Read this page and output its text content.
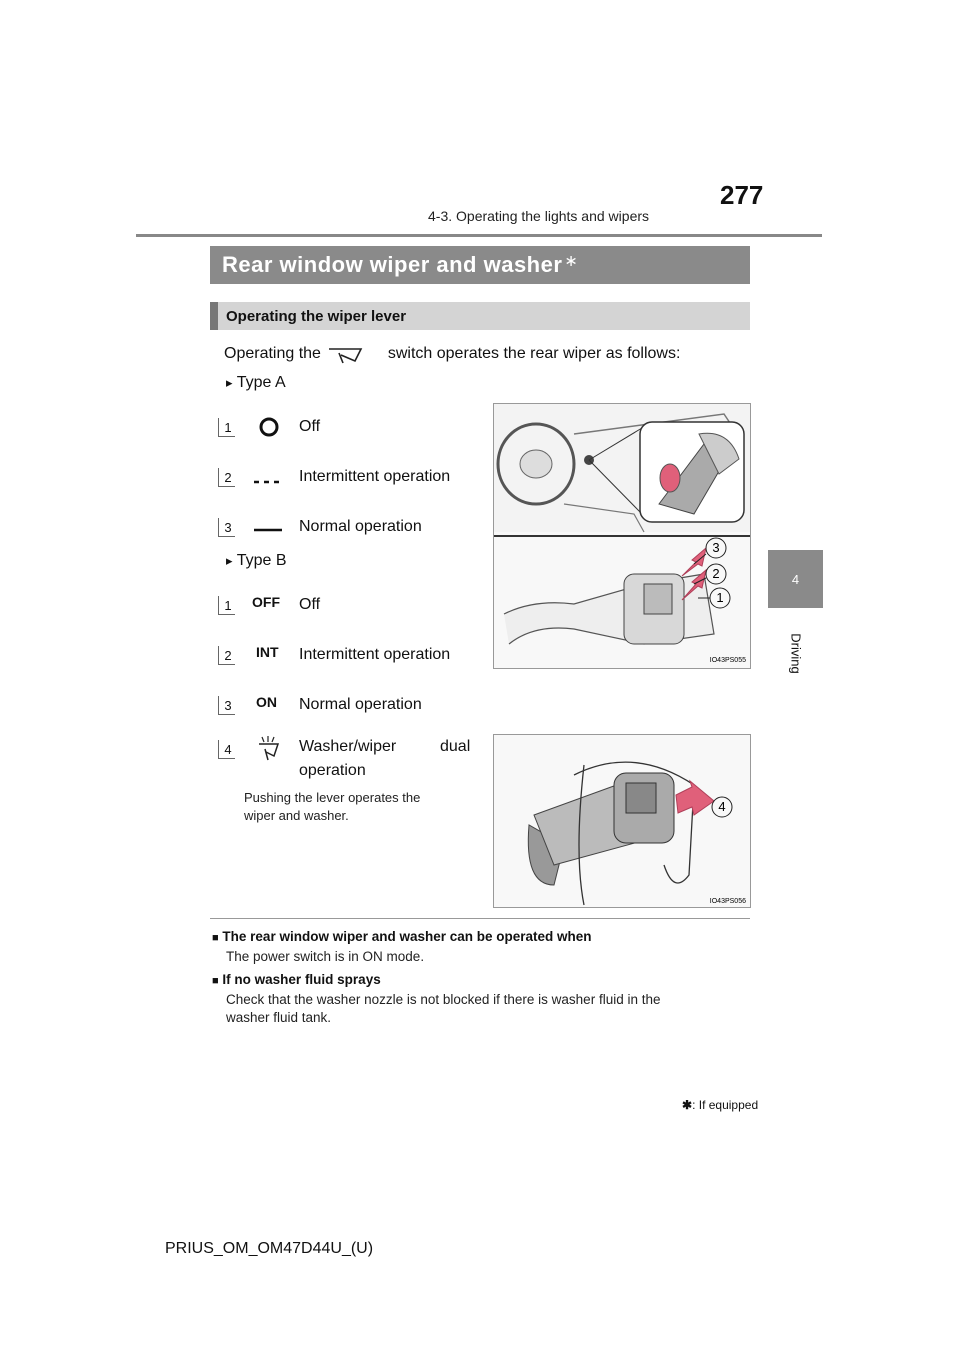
4-3. Operating the lights and wipers
277
4
Driving
Rear window wiper and washer∗
Operating the wiper lever
Operating the	switch operates the rear wiper as follows:
▸ Type A
1	Off
2	Intermittent operation
3	Normal operation
▸ Type B
1 OFF Off
2 INT Intermittent operation
3 ON Normal operation
4	Washer/wiper	dual
operation
Pushing the lever operates the
wiper and washer.
3
2
1
IO43PS055
4
IO43PS056
■ The rear window wiper and washer can be operated when
The power switch is in ON mode.
■ If no washer fluid sprays
Check that the washer nozzle is not blocked if there is washer fluid in the
washer fluid tank.
✱: If equipped
PRIUS_OM_OM47D44U_(U)
